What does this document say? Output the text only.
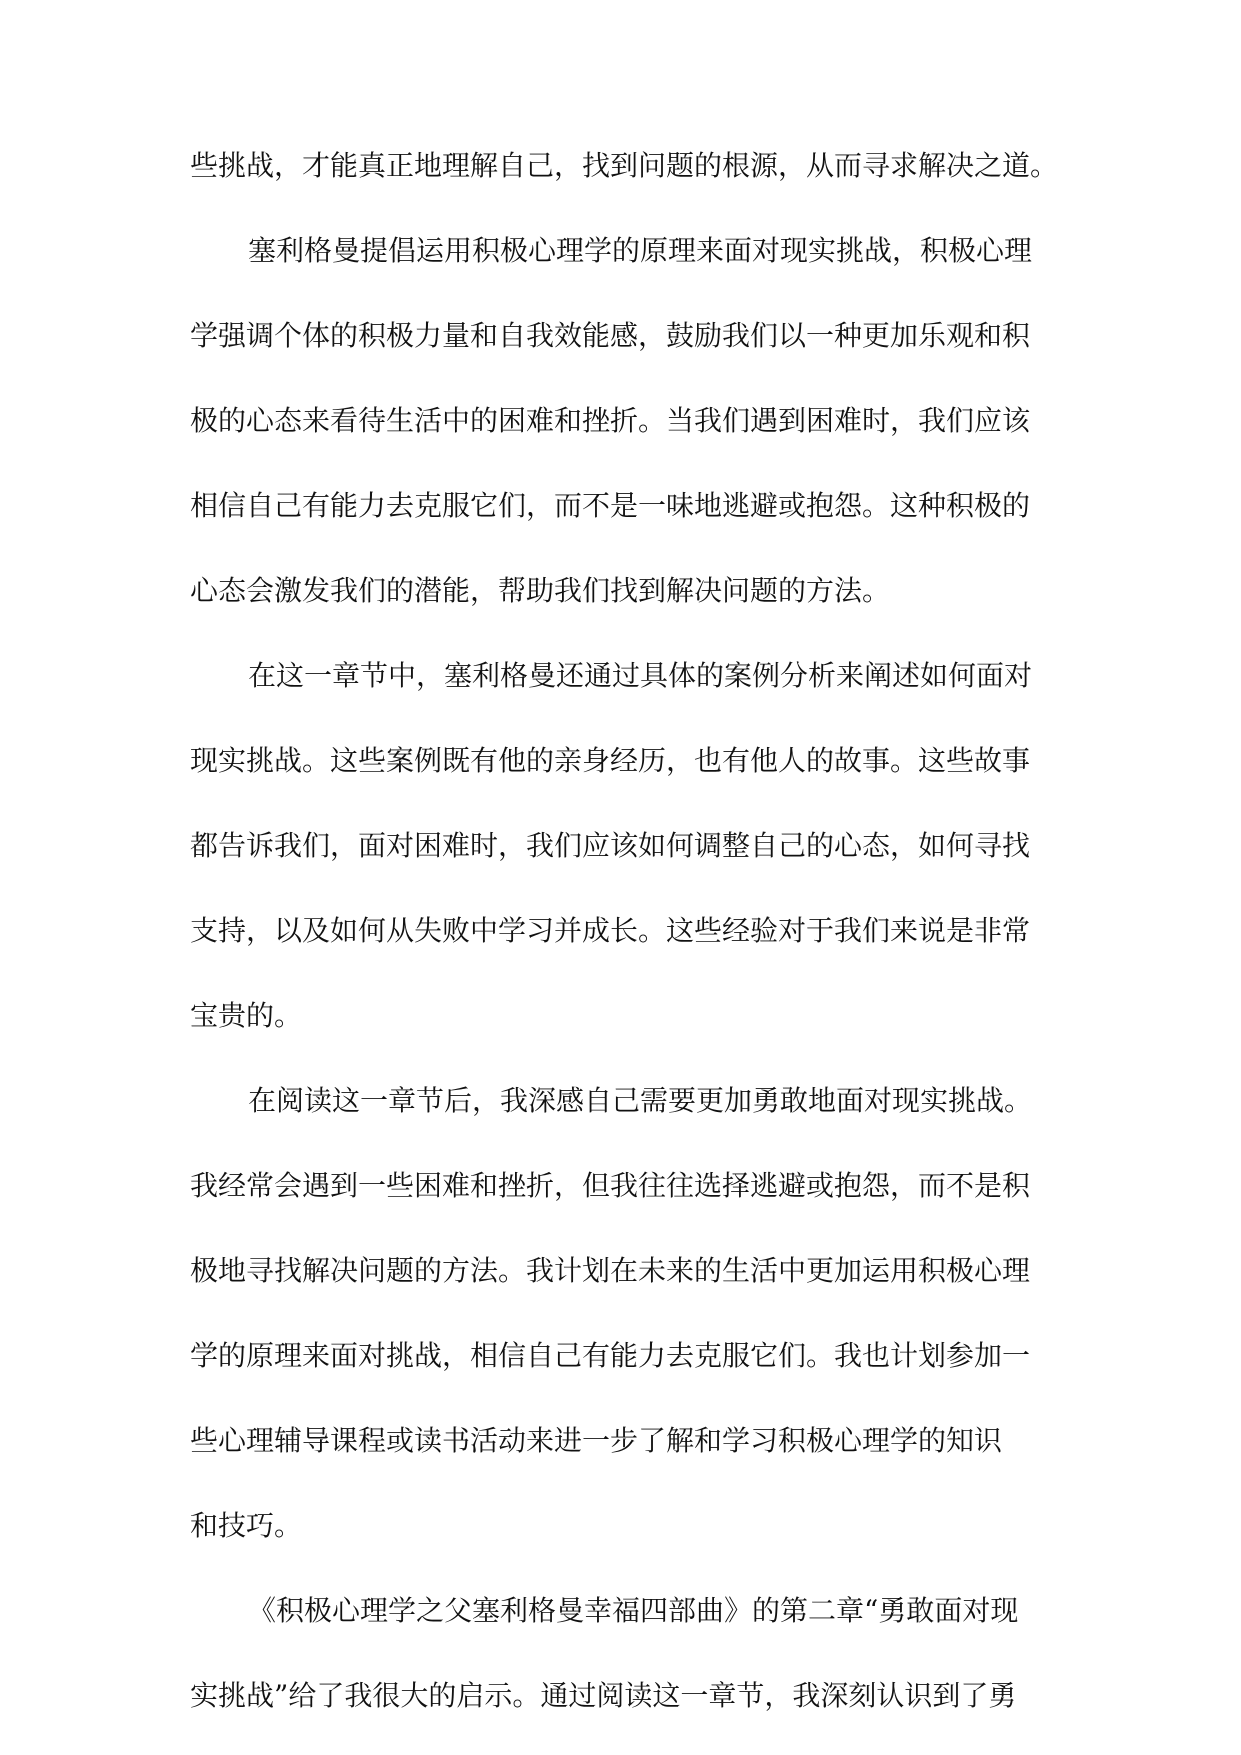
些挑战，才能真正地理解自己，找到问题的根源，从而寻求解决之道。
塞利格曼提倡运用积极心理学的原理来面对现实挑战，积极心理
学强调个体的积极力量和自我效能感，鼓励我们以一种更加乐观和积
极的心态来看待生活中的困难和挫折。当我们遇到困难时，我们应该
相信自己有能力去克服它们，而不是一味地逃避或抱怨。这种积极的
心态会激发我们的潜能，帮助我们找到解决问题的方法。
在这一章节中，塞利格曼还通过具体的案例分析来阐述如何面对
现实挑战。这些案例既有他的亲身经历，也有他人的故事。这些故事
都告诉我们，面对困难时，我们应该如何调整自己的心态，如何寻找
支持，以及如何从失败中学习并成长。这些经验对于我们来说是非常
宝贵的。
在阅读这一章节后，我深感自己需要更加勇敢地面对现实挑战。
我经常会遇到一些困难和挫折，但我往往选择逃避或抱怨，而不是积
极地寻找解决问题的方法。我计划在未来的生活中更加运用积极心理
学的原理来面对挑战，相信自己有能力去克服它们。我也计划参加一
些心理辅导课程或读书活动来进一步了解和学习积极心理学的知识
和技巧。
《积极心理学之父塞利格曼幸福四部曲》的第二章“勇敢面对现
实挑战”给了我很大的启示。通过阅读这一章节，我深刻认识到了勇
